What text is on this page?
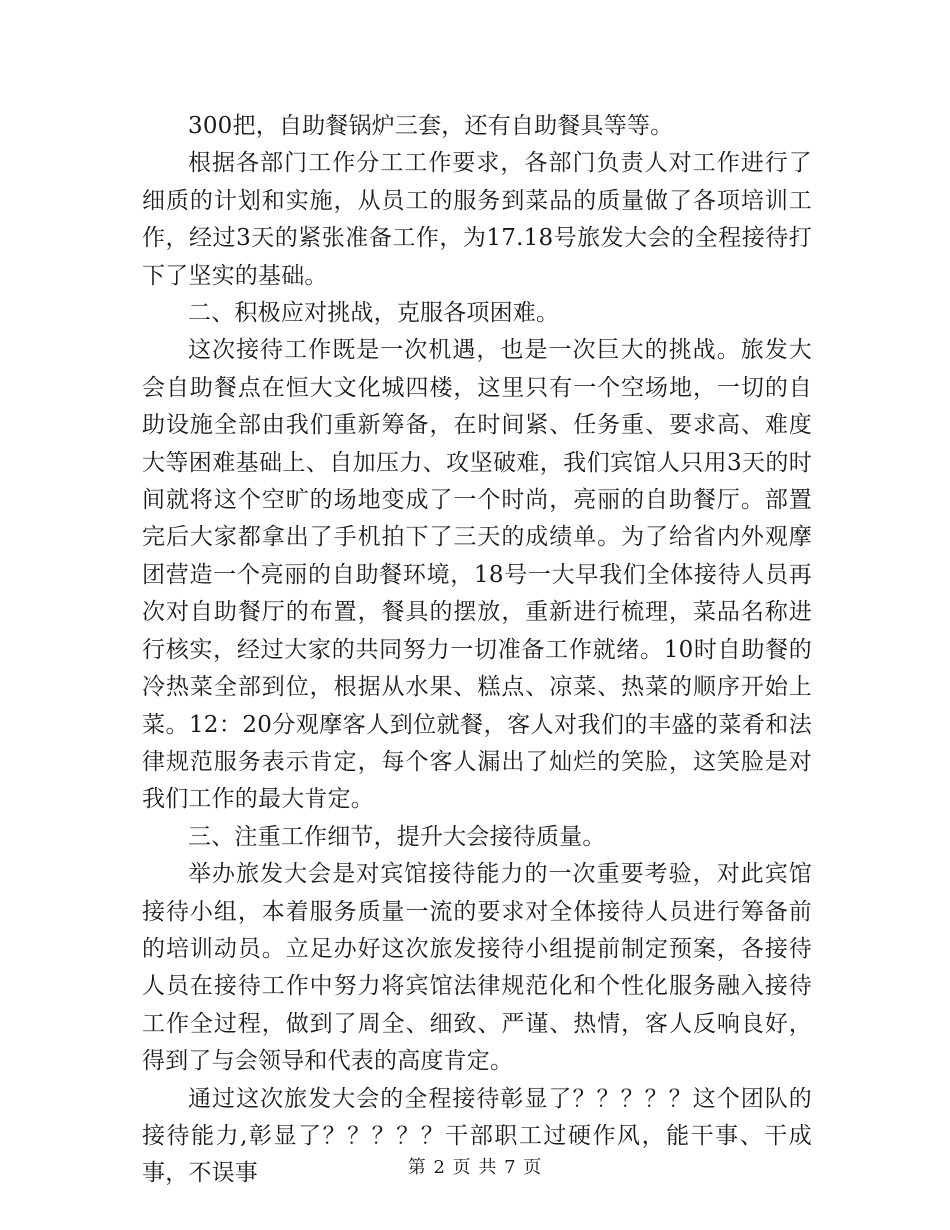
300把，自助餐锅炉三套，还有自助餐具等等。

根据各部门工作分工工作要求，各部门负责人对工作进行了细质的计划和实施，从员工的服务到菜品的质量做了各项培训工作，经过3天的紧张准备工作，为17.18号旅发大会的全程接待打下了坚实的基础。

二、积极应对挑战，克服各项困难。

这次接待工作既是一次机遇，也是一次巨大的挑战。旅发大会自助餐点在恒大文化城四楼，这里只有一个空场地，一切的自助设施全部由我们重新筹备，在时间紧、任务重、要求高、难度大等困难基础上、自加压力、攻坚破难，我们宾馆人只用3天的时间就将这个空旷的场地变成了一个时尚，亮丽的自助餐厅。部置完后大家都拿出了手机拍下了三天的成绩单。为了给省内外观摩团营造一个亮丽的自助餐环境，18号一大早我们全体接待人员再次对自助餐厅的布置，餐具的摆放，重新进行梳理，菜品名称进行核实，经过大家的共同努力一切准备工作就绪。10时自助餐的冷热菜全部到位，根据从水果、糕点、凉菜、热菜的顺序开始上菜。12：20分观摩客人到位就餐，客人对我们的丰盛的菜肴和法律规范服务表示肯定，每个客人漏出了灿烂的笑脸，这笑脸是对我们工作的最大肯定。

三、注重工作细节，提升大会接待质量。

举办旅发大会是对宾馆接待能力的一次重要考验，对此宾馆接待小组，本着服务质量一流的要求对全体接待人员进行筹备前的培训动员。立足办好这次旅发接待小组提前制定预案，各接待人员在接待工作中努力将宾馆法律规范化和个性化服务融入接待工作全过程，做到了周全、细致、严谨、热情，客人反响良好，得到了与会领导和代表的高度肯定。

通过这次旅发大会的全程接待彰显了？？？？？这个团队的接待能力,彰显了？？？？？干部职工过硬作风，能干事、干成事，不误事	第 2 页 共 7 页
